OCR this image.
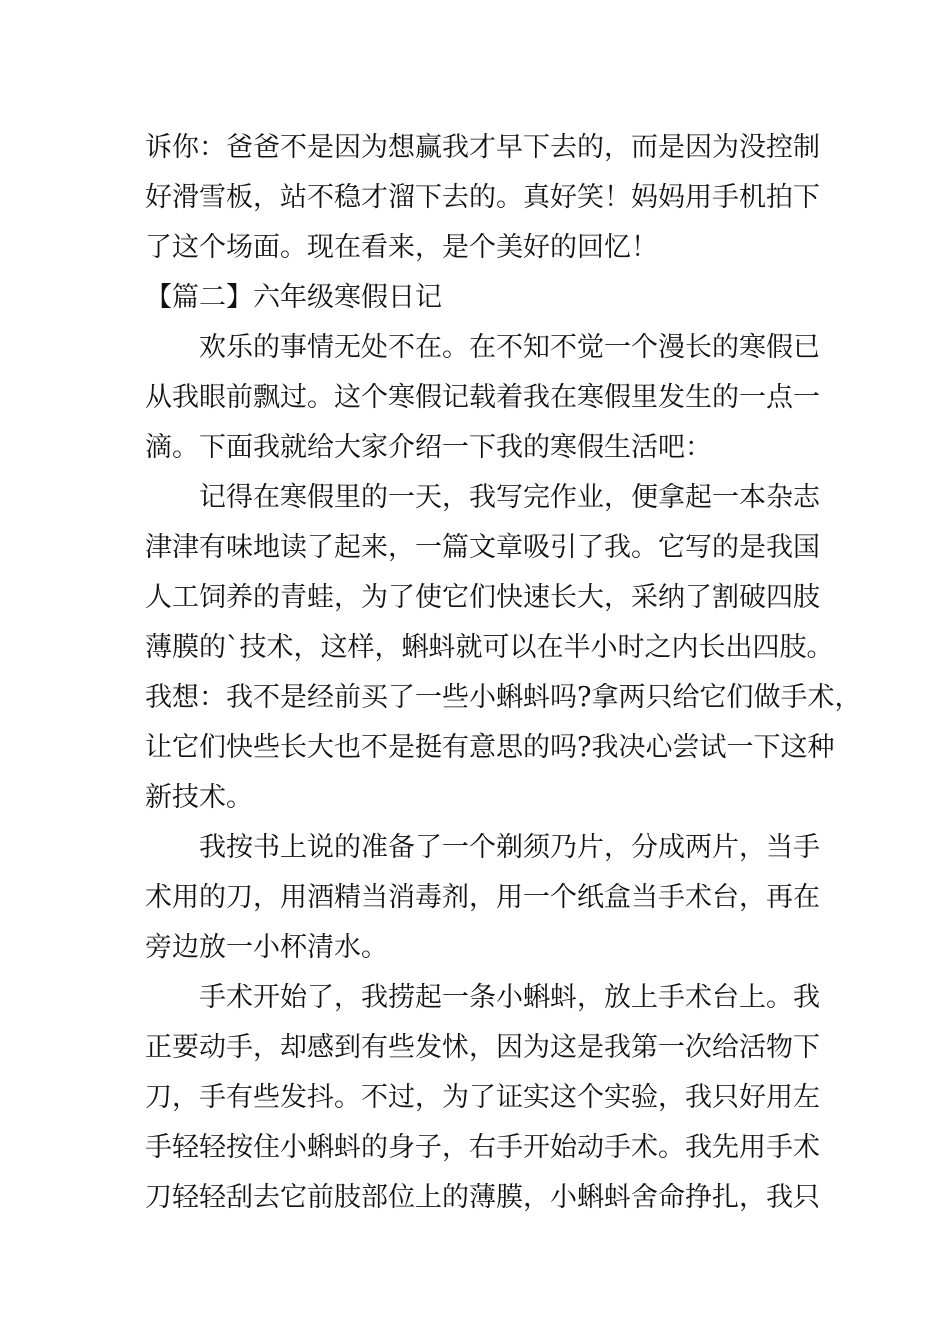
诉你：爸爸不是因为想赢我才早下去的，而是因为没控制
好滑雪板，站不稳才溜下去的。真好笑！妈妈用手机拍下
了这个场面。现在看来，是个美好的回忆！
【篇二】六年级寒假日记
欢乐的事情无处不在。在不知不觉一个漫长的寒假已
从我眼前飘过。这个寒假记载着我在寒假里发生的一点一
滴。下面我就给大家介绍一下我的寒假生活吧：
记得在寒假里的一天，我写完作业，便拿起一本杂志
津津有味地读了起来，一篇文章吸引了我。它写的是我国
人工饲养的青蛙，为了使它们快速长大，采纳了割破四肢
薄膜的`技术，这样，蝌蚪就可以在半小时之内长出四肢。
我想：我不是经前买了一些小蝌蚪吗?拿两只给它们做手术，
让它们快些长大也不是挺有意思的吗?我决心尝试一下这种
新技术。
我按书上说的准备了一个剃须乃片，分成两片，当手
术用的刀，用酒精当消毒剂，用一个纸盒当手术台，再在
旁边放一小杯清水。
手术开始了，我捞起一条小蝌蚪，放上手术台上。我
正要动手，却感到有些发怵，因为这是我第一次给活物下
刀，手有些发抖。不过，为了证实这个实验，我只好用左
手轻轻按住小蝌蚪的身子，右手开始动手术。我先用手术
刀轻轻刮去它前肢部位上的薄膜，小蝌蚪舍命挣扎，我只
